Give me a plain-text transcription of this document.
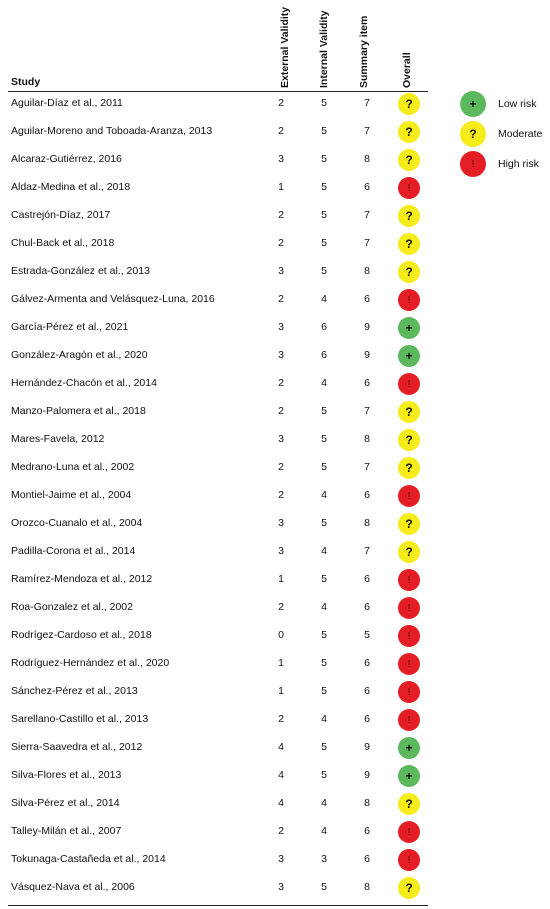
Study	External Validity	Internal Validity	Summary item	Overall
Aguilar-Díaz et al., 2011	2	5	7	?
Aguilar-Moreno and Toboada-Aranza, 2013	2	5	7	?
Alcaraz-Gutiérrez, 2016	3	5	8	?
Aldaz-Medina et al., 2018	1	5	6	!
Castrejón-Díaz, 2017	2	5	7	?
Chul-Back et al., 2018	2	5	7	?
Estrada-González et al., 2013	3	5	8	?
Gálvez-Armenta and Velásquez-Luna, 2016	2	4	6	!
García-Pérez et al., 2021	3	6	9	+
González-Aragón et al., 2020	3	6	9	+
Hernández-Chacón et al., 2014	2	4	6	!
Manzo-Palomera et al., 2018	2	5	7	?
Mares-Favela, 2012	3	5	8	?
Medrano-Luna et al., 2002	2	5	7	?
Montiel-Jaime et al., 2004	2	4	6	!
Orozco-Cuanalo et al., 2004	3	5	8	?
Padilla-Corona et al., 2014	3	4	7	?
Ramírez-Mendoza et al., 2012	1	5	6	!
Roa-Gonzalez et al., 2002	2	4	6	!
Rodrígez-Cardoso et al., 2018	0	5	5	!
Rodríguez-Hernández et al., 2020	1	5	6	!
Sánchez-Pérez et al., 2013	1	5	6	!
Sarellano-Castillo et al., 2013	2	4	6	!
Sierra-Saavedra et al., 2012	4	5	9	+
Silva-Flores et al., 2013	4	5	9	+
Silva-Pérez et al., 2014	4	4	8	?
Talley-Milán et al., 2007	2	4	6	!
Tokunaga-Castañeda et al., 2014	3	3	6	!
Vásquez-Nava et al., 2006	3	5	8	?
+	Low risk
?	Moderate
!	High risk
